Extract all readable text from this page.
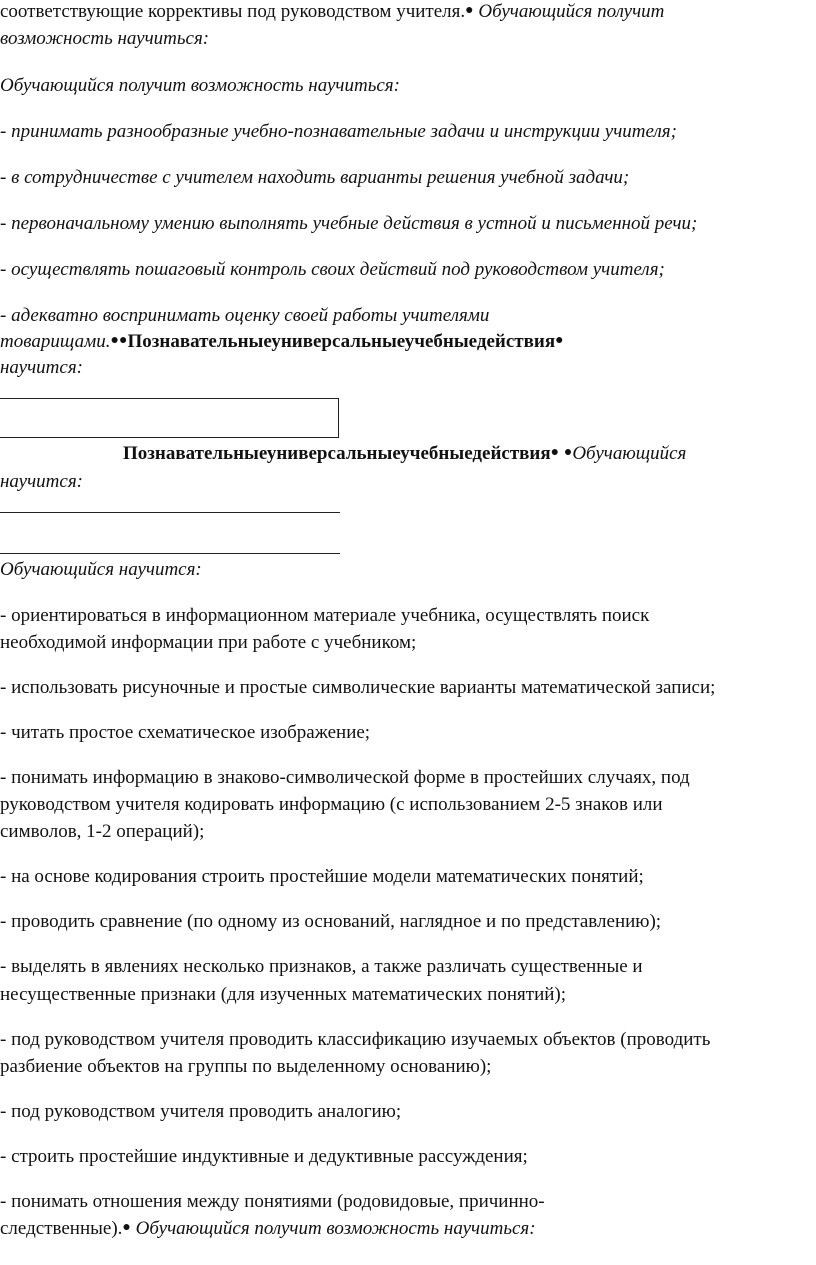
соответствующие коррективы под руководством учителя.● Обучающийся получит
возможность научиться:
Обучающийся получит возможность научиться:
- принимать разнообразные учебно-познавательные задачи и инструкции учителя;
- в сотрудничестве с учителем находить варианты решения учебной задачи;
- первоначальному умению выполнять учебные действия в устной и письменной речи;
- осуществлять пошаговый контроль своих действий под руководством учителя;
- адекватно воспринимать оценку своей работы учителями
товарищами.●●Познавательныеуниверсальныеучебныедействия●
научится:
Познавательныеуниверсальныеучебныедействия● ●Обучающийся
научится:
Обучающийся научится:
- ориентироваться в информационном материале учебника, осуществлять поиск
необходимой информации при работе с учебником;
- использовать рисуночные и простые символические варианты математической записи;
- читать простое схематическое изображение;
- понимать информацию в знаково-символической форме в простейших случаях, под
руководством учителя кодировать информацию (с использованием 2-5 знаков или
символов, 1-2 операций);
- на основе кодирования строить простейшие модели математических понятий;
- проводить сравнение (по одному из оснований, наглядное и по представлению);
- выделять в явлениях несколько признаков, а также различать существенные и
несущественные признаки (для изученных математических понятий);
- под руководством учителя проводить классификацию изучаемых объектов (проводить
разбиение объектов на группы по выделенному основанию);
- под руководством учителя проводить аналогию;
- строить простейшие индуктивные и дедуктивные рассуждения;
- понимать отношения между понятиями (родовидовые, причинно-
следственные).● Обучающийся получит возможность научиться:
